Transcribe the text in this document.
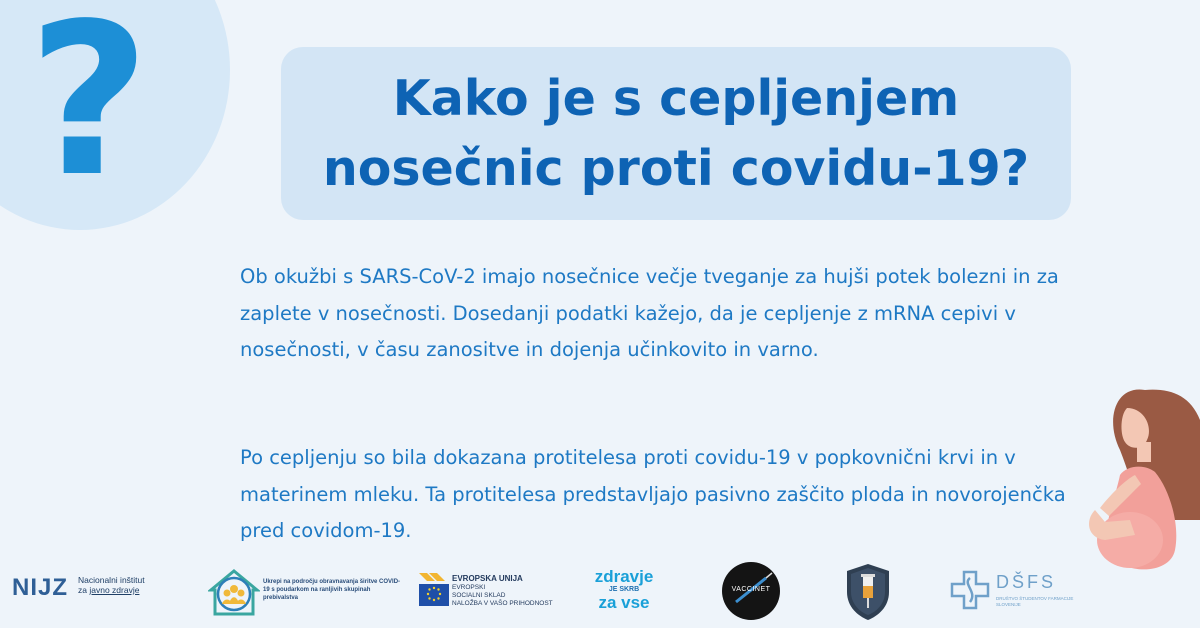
?	Kako je s cepljenjem
nosečnic proti covidu-19?

Ob okužbi s SARS-CoV-2 imajo nosečnice večje tveganje za hujši potek bolezni in za zaplete v nosečnosti. Dosedanji podatki kažejo, da je cepljenje z mRNA cepivi v nosečnosti, v času zanositve in dojenja učinkovito in varno.

Po cepljenju so bila dokazana protitelesa proti covidu-19 v popkovnični krvi in v materinem mleku. Ta protitelesa predstavljajo pasivno zaščito ploda in novorojenčka pred covidom-19.

NIJZ Nacionalni inštitut
za javno zdravje
Ukrepi na področju obravnavanja širitve COVID-19 s poudarkom na ranljivih skupinah prebivalstva
EVROPSKA UNIJA
EVROPSKI
SOCIALNI SKLAD
NALOŽBA V VAŠO PRIHODNOST
zdravje
JE SKRB
za vse
VACCINET	DŠFS
DRUŠTVO ŠTUDENTOV FARMACIJE SLOVENIJE
